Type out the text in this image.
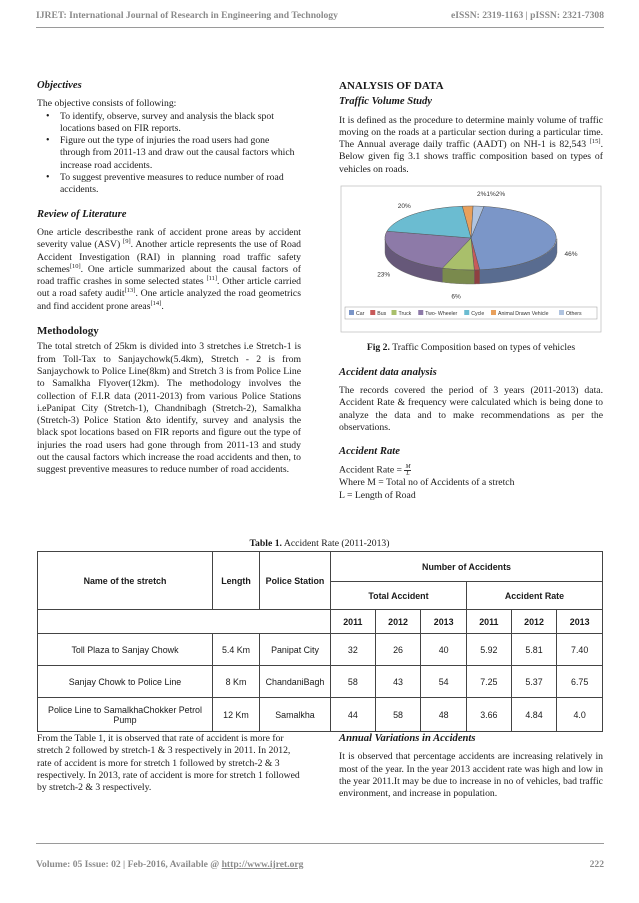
IJRET: International Journal of Research in Engineering and Technology	eISSN: 2319-1163 | pISSN: 2321-7308
Objectives

The objective consists of following:

• To identify, observe, survey and analysis the black spot locations based on FIR reports.
• Figure out the type of injuries the road users had gone through from 2011-13 and draw out the causal factors which increase road accidents.
• To suggest preventive measures to reduce number of road accidents.
Review of Literature

One article describesthe rank of accident prone areas by accident severity value (ASV) [9]. Another article represents the use of Road Accident Investigation (RAI) in planning road traffic safety schemes[10]. One article summarized about the causal factors of road traffic crashes in some selected states [11]. Other article carried out a road safety audit[13]. One article analyzed the road geometrics and find accident prone areas[14].

Methodology

The total stretch of 25km is divided into 3 stretches i.e Stretch-1 is from Toll-Tax to Sanjaychowk(5.4km), Stretch - 2 is from Sanjaychowk to Police Line(8km) and Stretch 3 is from Police Line to Samalkha Flyover(12km). The methodology involves the collection of F.I.R data (2011-2013) from various Police Stations i.ePanipat City (Stretch-1), Chandnibagh (Stretch-2), Samalkha (Stretch-3) Police Station &to identify, survey and analysis the black spot locations based on FIR reports and figure out the type of injuries the road users had gone through from 2011-13 and study out the causal factors which increase the road accidents and then, to suggest preventive measures to reduce number of road accidents.

ANALYSIS OF DATA
Traffic Volume Study

It is defined as the procedure to determine mainly volume of traffic moving on the roads at a particular section during a particular time. The Annual average daily traffic (AADT) on NH-1 is 82,543 [15]. Below given fig 3.1 shows traffic composition based on types of vehicles on roads.

46%
6%
23%
20%
2%1%2%
Car Bus Truck	Two- Wheeler	Cycle	Animal Drawn Vehicle	Others
Fig 2. Traffic Composition based on types of vehicles
Accident data analysis

The records covered the period of 3 years (2011-2013) data. Accident Rate & frequency were calculated which is being done to analyze the data and to make recommendations as per the observations.

Accident Rate
Accident Rate = $\frac{M}{L}$
Where M = Total no of Accidents of a stretch
L = Length of Road
Table 1. Accident Rate (2011-2013)
Name of the stretch	Length	Police Station	Number of Accidents					
			Total Accident			Accident Rate		
			2011	2012	2013	2011	2012	2013
Toll Plaza to Sanjay Chowk	5.4 Km	Panipat City	32	26	40	5.92	5.81	7.40
Sanjay Chowk to Police Line	8 Km	ChandaniBagh	58	43	54	7.25	5.37	6.75
Police Line to SamalkhaChokker Petrol Pump	12 Km	Samalkha	44	58	48	3.66	4.84	4.0

From the Table 1, it is observed that rate of accident is more for stretch 2 followed by stretch-1 & 3 respectively in 2011. In 2012, rate of accident is more for stretch 1 followed by stretch-2 & 3 respectively. In 2013, rate of accident is more for stretch 1 followed by stretch-2 & 3 respectively.

Annual Variations in Accidents

It is observed that percentage accidents are increasing relatively in most of the year. In the year 2013 accident rate was high and low in the year 2011.It may be due to increase in no of vehicles, bad traffic environment, and increase in population.

Volume: 05 Issue: 02 | Feb-2016, Available @ http://www.ijret.org	222
